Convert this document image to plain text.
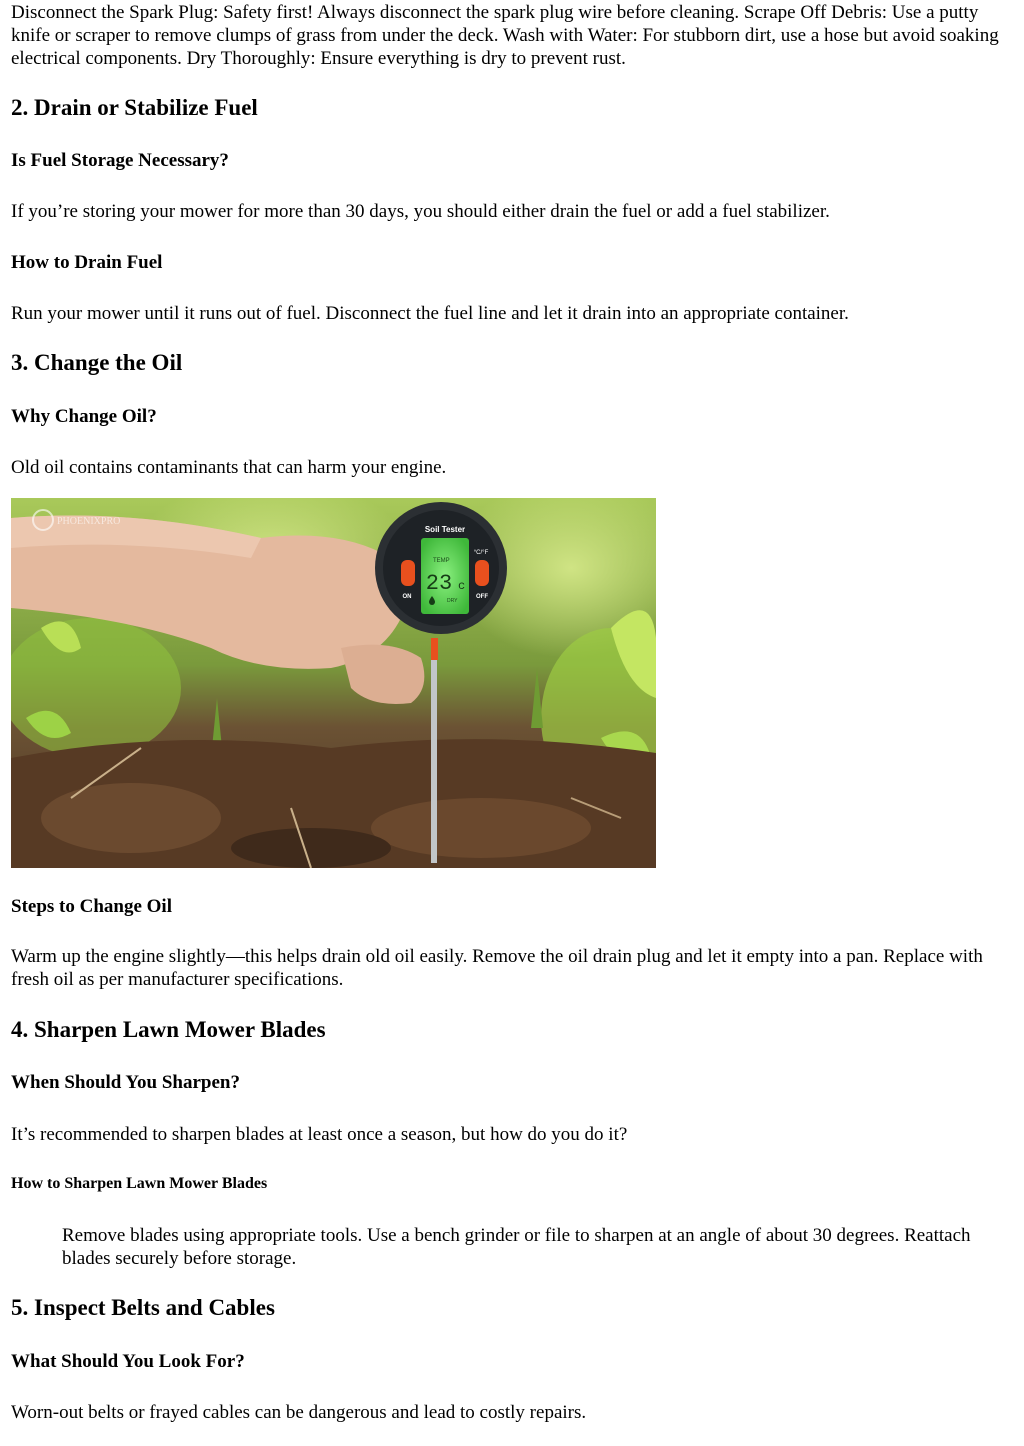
Disconnect the Spark Plug: Safety first! Always disconnect the spark plug wire before cleaning. Scrape Off Debris: Use a putty knife or scraper to remove clumps of grass from under the deck. Wash with Water: For stubborn dirt, use a hose but avoid soaking electrical components. Dry Thoroughly: Ensure everything is dry to prevent rust.

2. Drain or Stabilize Fuel
Is Fuel Storage Necessary?

If you’re storing your mower for more than 30 days, you should either drain the fuel or add a fuel stabilizer.

How to Drain Fuel

Run your mower until it runs out of fuel. Disconnect the fuel line and let it drain into an appropriate container.

3. Change the Oil
Why Change Oil?

Old oil contains contaminants that can harm your engine.

Soil Tester
°C/°F
TEMP
23 c
DRY
ON	OFF
PHOENIXPRO
Steps to Change Oil

Warm up the engine slightly—this helps drain old oil easily. Remove the oil drain plug and let it empty into a pan. Replace with fresh oil as per manufacturer specifications.

4. Sharpen Lawn Mower Blades
When Should You Sharpen?

It’s recommended to sharpen blades at least once a season, but how do you do it?

How to Sharpen Lawn Mower Blades

Remove blades using appropriate tools. Use a bench grinder or file to sharpen at an angle of about 30 degrees. Reattach blades securely before storage.

5. Inspect Belts and Cables
What Should You Look For?

Worn-out belts or frayed cables can be dangerous and lead to costly repairs.
